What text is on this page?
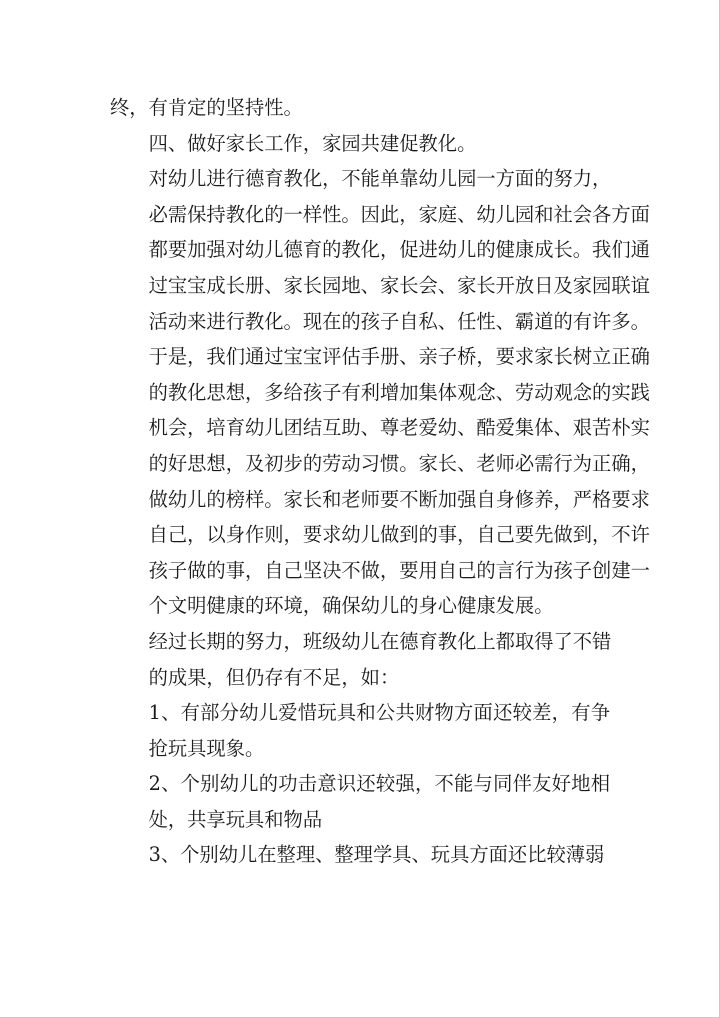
终，有肯定的坚持性。
四、做好家长工作，家园共建促教化。
对幼儿进行德育教化，不能单靠幼儿园一方面的努力，
必需保持教化的一样性。因此，家庭、幼儿园和社会各方面
都要加强对幼儿德育的教化，促进幼儿的健康成长。我们通
过宝宝成长册、家长园地、家长会、家长开放日及家园联谊
活动来进行教化。现在的孩子自私、任性、霸道的有许多。
于是，我们通过宝宝评估手册、亲子桥，要求家长树立正确
的教化思想，多给孩子有利增加集体观念、劳动观念的实践
机会，培育幼儿团结互助、尊老爱幼、酷爱集体、艰苦朴实
的好思想，及初步的劳动习惯。家长、老师必需行为正确，
做幼儿的榜样。家长和老师要不断加强自身修养，严格要求
自己，以身作则，要求幼儿做到的事，自己要先做到，不许
孩子做的事，自己坚决不做，要用自己的言行为孩子创建一
个文明健康的环境，确保幼儿的身心健康发展。
经过长期的努力，班级幼儿在德育教化上都取得了不错
的成果，但仍存有不足，如：
1、有部分幼儿爱惜玩具和公共财物方面还较差，有争
抢玩具现象。
2、个别幼儿的功击意识还较强，不能与同伴友好地相
处，共享玩具和物品
3、个别幼儿在整理、整理学具、玩具方面还比较薄弱
